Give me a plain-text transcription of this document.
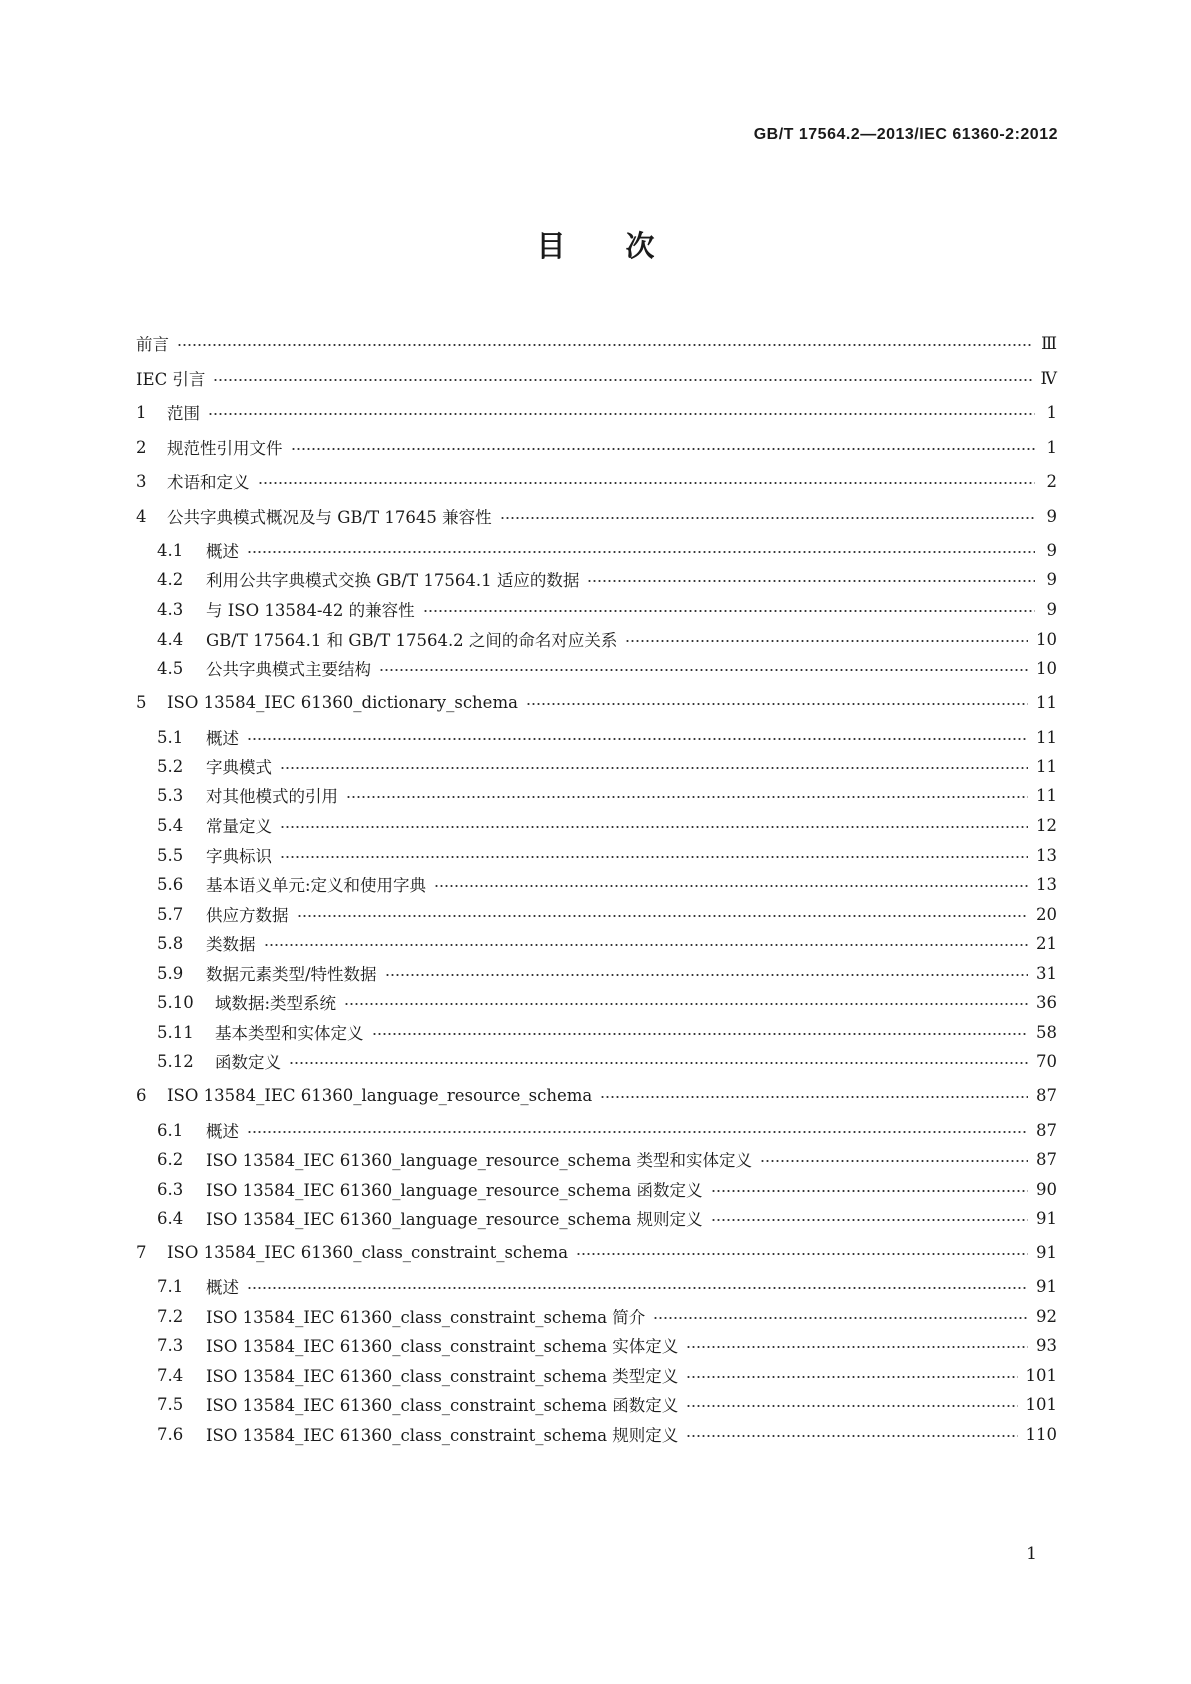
GB/T 17564.2—2013/IEC 61360-2:2012
目次
前言	Ⅲ
IEC 引言	Ⅳ
1	范围	1
2	规范性引用文件	1
3	术语和定义	2
4	公共字典模式概况及与 GB/T 17645 兼容性	9
4.1	概述	9
4.2	利用公共字典模式交换 GB/T 17564.1 适应的数据	9
4.3	与 ISO 13584-42 的兼容性	9
4.4	GB/T 17564.1 和 GB/T 17564.2 之间的命名对应关系	10
4.5	公共字典模式主要结构	10
5	ISO 13584_IEC 61360_dictionary_schema	11
5.1	概述	11
5.2	字典模式	11
5.3	对其他模式的引用	11
5.4	常量定义	12
5.5	字典标识	13
5.6	基本语义单元:定义和使用字典	13
5.7	供应方数据	20
5.8	类数据	21
5.9	数据元素类型/特性数据	31
5.10	域数据:类型系统	36
5.11	基本类型和实体定义	58
5.12	函数定义	70
6	ISO 13584_IEC 61360_language_resource_schema	87
6.1	概述	87
6.2	ISO 13584_IEC 61360_language_resource_schema 类型和实体定义	87
6.3	ISO 13584_IEC 61360_language_resource_schema 函数定义	90
6.4	ISO 13584_IEC 61360_language_resource_schema 规则定义	91
7	ISO 13584_IEC 61360_class_constraint_schema	91
7.1	概述	91
7.2	ISO 13584_IEC 61360_class_constraint_schema 简介	92
7.3	ISO 13584_IEC 61360_class_constraint_schema 实体定义	93
7.4	ISO 13584_IEC 61360_class_constraint_schema 类型定义	101
7.5	ISO 13584_IEC 61360_class_constraint_schema 函数定义	101
7.6	ISO 13584_IEC 61360_class_constraint_schema 规则定义	110
1
